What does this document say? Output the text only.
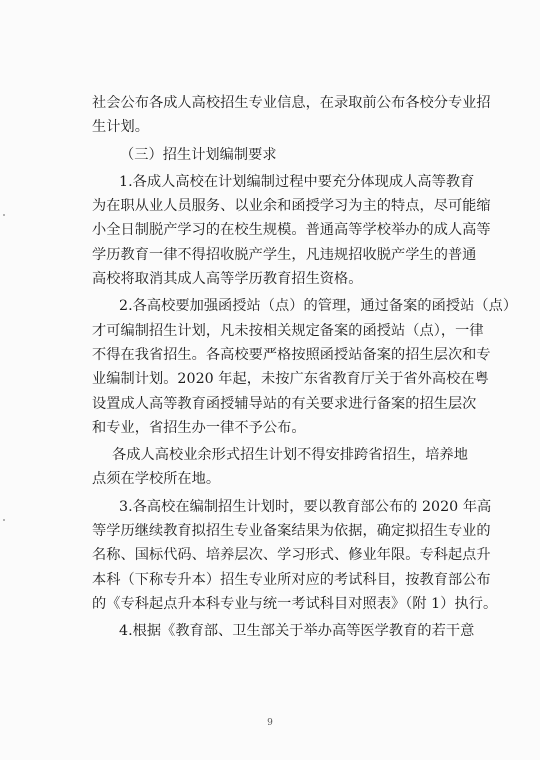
社会公布各成人高校招生专业信息，在录取前公布各校分专业招
生计划。
（三）招生计划编制要求
1.各成人高校在计划编制过程中要充分体现成人高等教育
为在职从业人员服务、以业余和函授学习为主的特点，尽可能缩
小全日制脱产学习的在校生规模。普通高等学校举办的成人高等
学历教育一律不得招收脱产学生，凡违规招收脱产学生的普通
高校将取消其成人高等学历教育招生资格。
2.各高校要加强函授站（点）的管理，通过备案的函授站（点）
才可编制招生计划，凡未按相关规定备案的函授站（点），一律
不得在我省招生。各高校要严格按照函授站备案的招生层次和专
业编制计划。2020 年起，未按广东省教育厅关于省外高校在粤
设置成人高等教育函授辅导站的有关要求进行备案的招生层次
和专业，省招生办一律不予公布。
各成人高校业余形式招生计划不得安排跨省招生，培养地
点须在学校所在地。
3.各高校在编制招生计划时，要以教育部公布的 2020 年高
等学历继续教育拟招生专业备案结果为依据，确定拟招生专业的
名称、国标代码、培养层次、学习形式、修业年限。专科起点升
本科（下称专升本）招生专业所对应的考试科目，按教育部公布
的《专科起点升本科专业与统一考试科目对照表》（附 1）执行。
4.根据《教育部、卫生部关于举办高等医学教育的若干意
9
